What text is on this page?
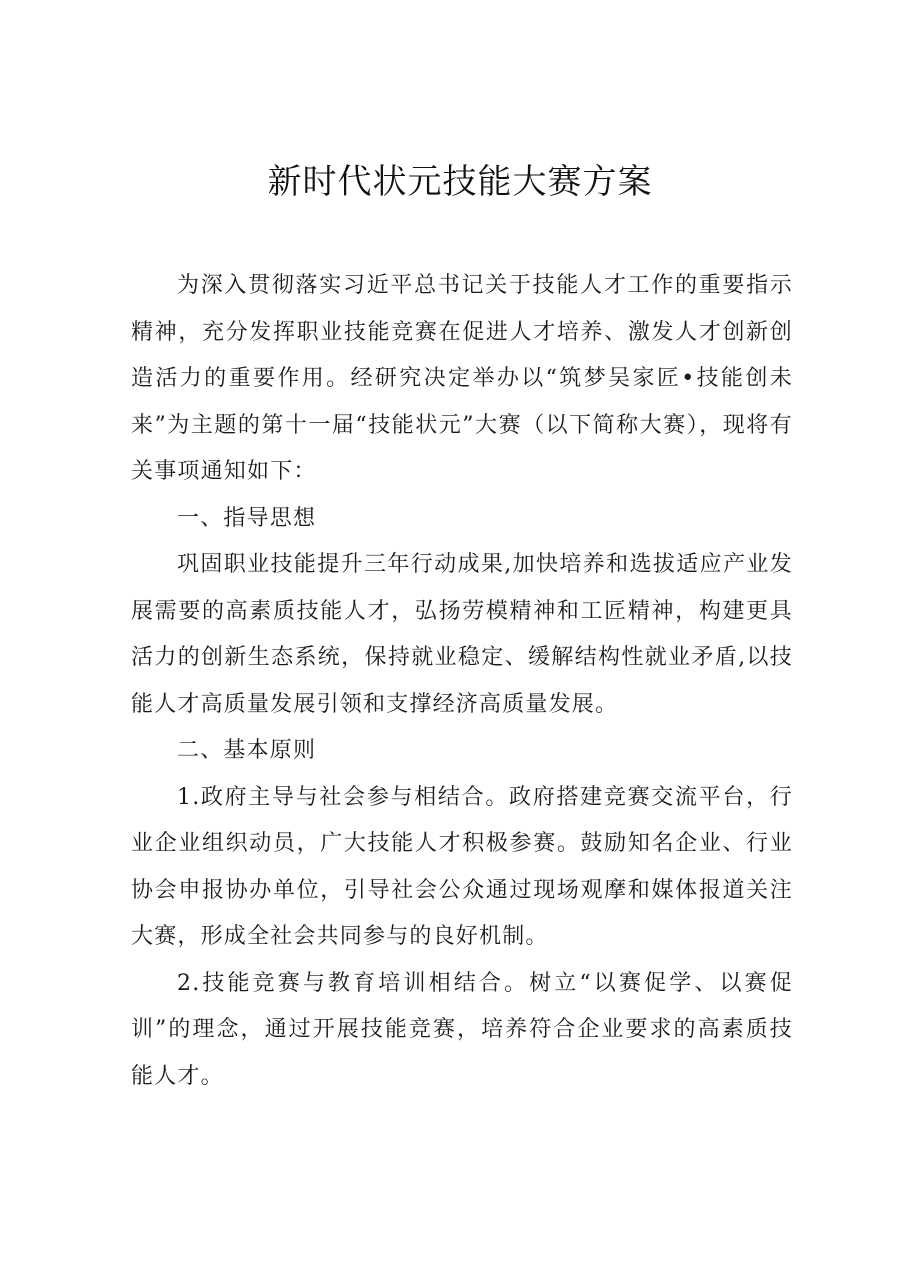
新时代状元技能大赛方案

为深入贯彻落实习近平总书记关于技能人才工作的重要指示精神，充分发挥职业技能竞赛在促进人才培养、激发人才创新创造活力的重要作用。经研究决定举办以“筑梦吴家匠•技能创未来”为主题的第十一届“技能状元”大赛（以下简称大赛），现将有关事项通知如下：

一、指导思想

巩固职业技能提升三年行动成果,加快培养和选拔适应产业发展需要的高素质技能人才，弘扬劳模精神和工匠精神，构建更具活力的创新生态系统，保持就业稳定、缓解结构性就业矛盾,以技能人才高质量发展引领和支撑经济高质量发展。

二、基本原则

1.政府主导与社会参与相结合。政府搭建竞赛交流平台，行业企业组织动员，广大技能人才积极参赛。鼓励知名企业、行业协会申报协办单位，引导社会公众通过现场观摩和媒体报道关注大赛，形成全社会共同参与的良好机制。

2.技能竞赛与教育培训相结合。树立“以赛促学、以赛促训”的理念，通过开展技能竞赛，培养符合企业要求的高素质技能人才。
